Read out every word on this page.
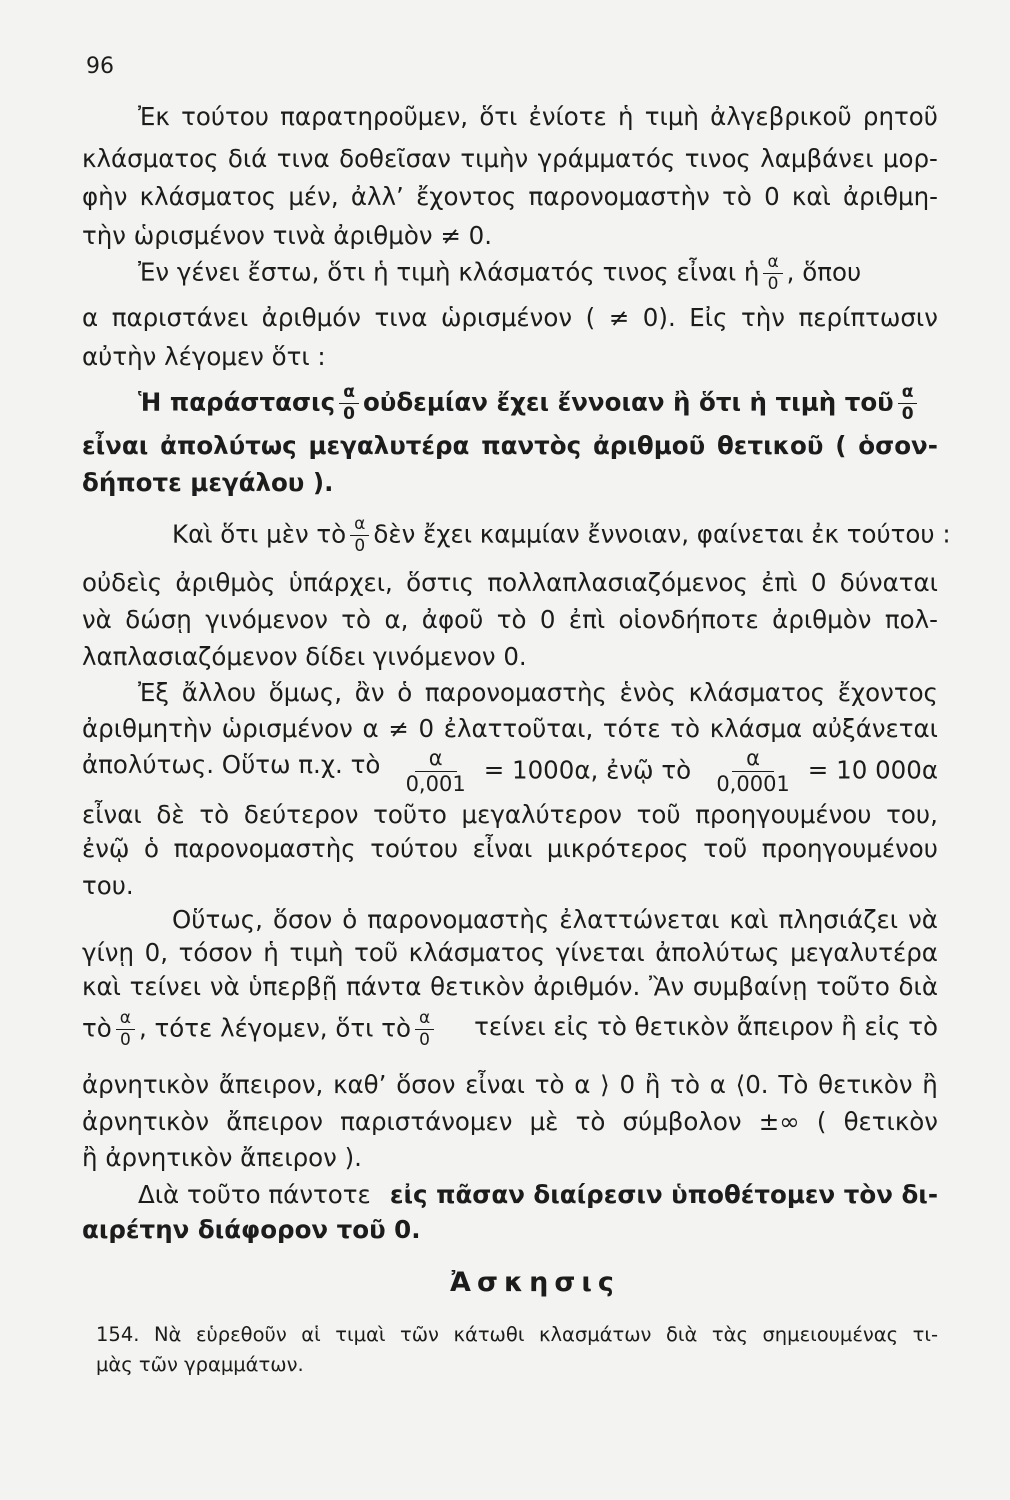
96
Ἐκ τούτου παρατηροῦμεν, ὅτι ἐνίοτε ἡ τιμὴ ἀλγεβρικοῦ ρητοῦ
κλάσματος διά τινα δοθεῖσαν τιμὴν γράμματός τινος λαμβάνει μορ-
φὴν κλάσματος μέν, ἀλλ’ ἔχοντος παρονομαστὴν τὸ 0 καὶ ἀριθμη-
τὴν ὡρισμένον τινὰ ἀριθμὸν ≠ 0.
Ἐν γένει ἔστω, ὅτι ἡ τιμὴ κλάσματός τινος εἶναι ἡ $\frac{\alpha}{0}$ , ὅπου
α παριστάνει ἀριθμόν τινα ὡρισμένον ( ≠ 0). Εἰς τὴν περίπτωσιν
αὐτὴν λέγομεν ὅτι :
Ἡ παράστασις $\frac{\alpha}{0}$ οὐδεμίαν ἔχει ἔννοιαν ἢ ὅτι ἡ τιμὴ τοῦ $\frac{\alpha}{0}$
εἶναι ἀπολύτως μεγαλυτέρα παντὸς ἀριθμοῦ θετικοῦ ( ὁσον-
δήποτε μεγάλου ).
Καὶ ὅτι μὲν τὸ $\frac{\alpha}{0}$ δὲν ἔχει καμμίαν ἔννοιαν, φαίνεται ἐκ τούτου :
οὐδεὶς ἀριθμὸς ὑπάρχει, ὅστις πολλαπλασιαζόμενος ἐπὶ 0 δύναται
νὰ δώσῃ γινόμενον τὸ α, ἀφοῦ τὸ 0 ἐπὶ οἱονδήποτε ἀριθμὸν πολ-
λαπλασιαζόμενον δίδει γινόμενον 0.
Ἐξ ἄλλου ὅμως, ἂν ὁ παρονομαστὴς ἑνὸς κλάσματος ἔχοντος
ἀριθμητὴν ὡρισμένον α ≠ 0 ἐλαττοῦται, τότε τὸ κλάσμα αὐξάνεται
ἀπολύτως. Οὕτω π.χ. τὸ $\frac{\alpha}{0,001} = 1000\alpha$, ἐνῷ τὸ $\frac{\alpha}{0,0001} = 10$ 000α
εἶναι δὲ τὸ δεύτερον τοῦτο μεγαλύτερον τοῦ προηγουμένου του,
ἐνῷ ὁ παρονομαστὴς τούτου εἶναι μικρότερος τοῦ προηγουμένου
του.
Οὕτως, ὅσον ὁ παρονομαστὴς ἐλαττώνεται καὶ πλησιάζει νὰ
γίνῃ 0, τόσον ἡ τιμὴ τοῦ κλάσματος γίνεται ἀπολύτως μεγαλυτέρα
καὶ τείνει νὰ ὑπερβῇ πάντα θετικὸν ἀριθμόν. Ἂν συμβαίνῃ τοῦτο διὰ
τὸ $\frac{\alpha}{0}$ , τότε λέγομεν, ὅτι τὸ $\frac{\alpha}{0}$ τείνει εἰς τὸ θετικὸν ἄπειρον ἢ εἰς τὸ
ἀρνητικὸν ἄπειρον, καθ’ ὅσον εἶναι τὸ α ⟩ 0 ἢ τὸ α ⟨0. Τὸ θετικὸν ἢ
ἀρνητικὸν ἄπειρον παριστάνομεν μὲ τὸ σύμβολον ±∞ ( θετικὸν
ἢ ἀρνητικὸν ἄπειρον ).
Διὰ τοῦτο πάντοτε εἰς πᾶσαν διαίρεσιν ὑποθέτομεν τὸν δι-
αιρέτην διάφορον τοῦ 0.
Ἀσκησις
154. Νὰ εὑρεθοῦν αἱ τιμαὶ τῶν κάτωθι κλασμάτων διὰ τὰς σημειουμένας τι-
μὰς τῶν γραμμάτων.
